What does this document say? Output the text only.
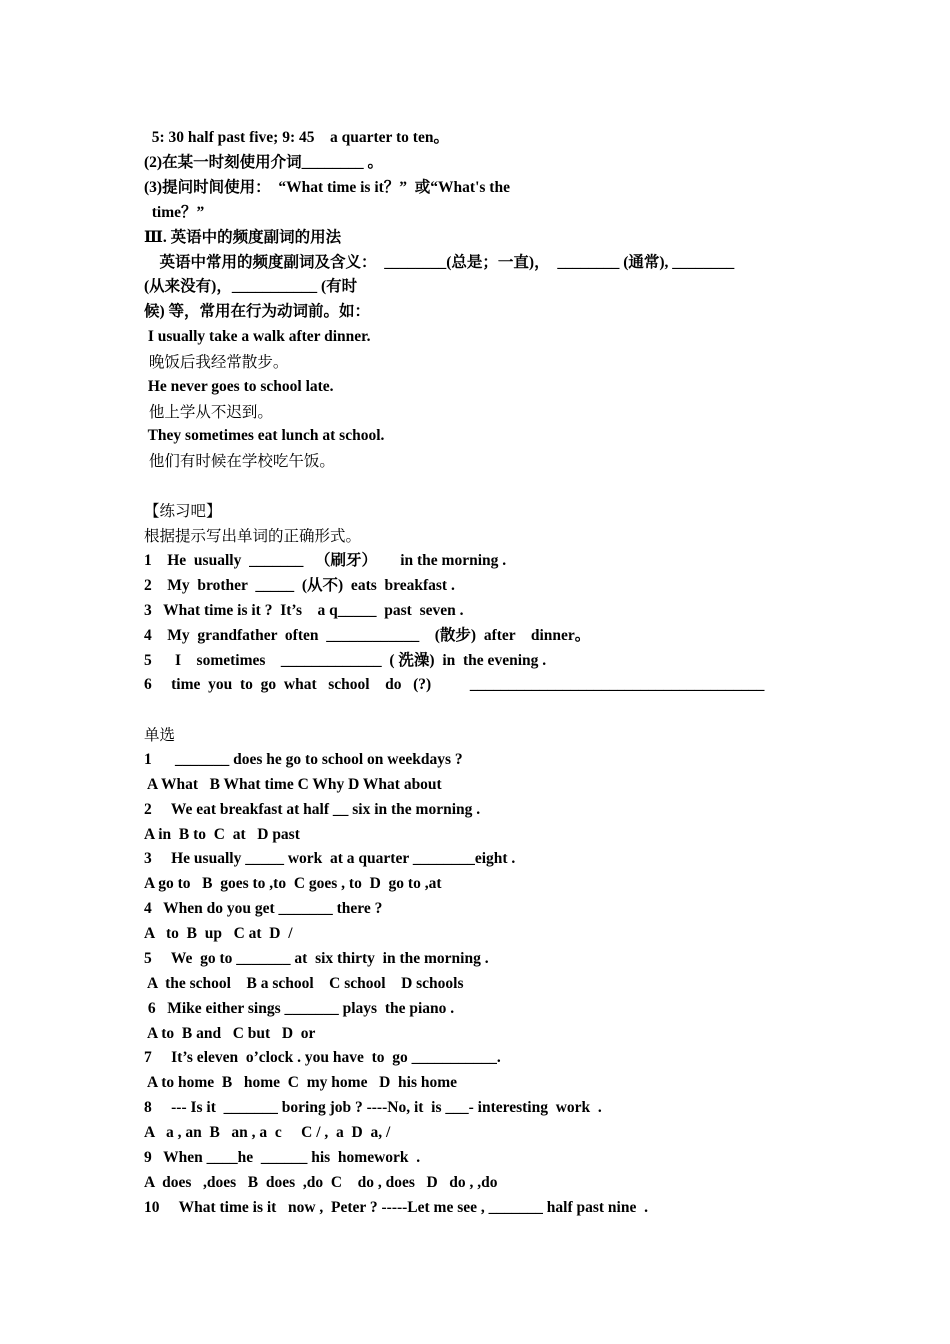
5: 30 half past five; 9: 45    a quarter to ten。
(2)在某一时刻使用介词________ 。
(3)提问时间使用：  “What time is it？”  或“What's the
time？”
Ⅲ. 英语中的频度副词的用法
英语中常用的频度副词及含义：  ________(总是；一直)，  ________ (通常), ________
(从来没有)，___________ (有时
候) 等，常用在行为动词前。如：
I usually take a walk after dinner.
晚饭后我经常散步。
He never goes to school late.
他上学从不迟到。
They sometimes eat lunch at school.
他们有时候在学校吃午饭。
【练习吧】
根据提示写出单词的正确形式。
1    He  usually  _______   （刷牙）      in the morning .
2    My  brother  _____  (从不)  eats  breakfast .
3   What time is it ?  It’s    a q_____  past  seven .
4    My  grandfather  often  ____________    (散步)  after    dinner。
5      I    sometimes    _____________  ( 洗澡)  in  the evening .
6     time  you  to  go  what   school    do   (?)          ______________________________________
单选
1      _______ does he go to school on weekdays ?
A What   B What time C Why D What about
2     We eat breakfast at half __ six in the morning .
A in  B to  C  at   D past
3     He usually _____ work  at a quarter ________eight .
A go to   B  goes to ,to  C goes , to  D  go to ,at
4   When do you get _______ there ?
A   to  B  up   C at  D  /
5     We  go to _______ at  six thirty  in the morning .
A  the school    B a school    C school    D schools
6   Mike either sings _______ plays  the piano .
A to  B and   C but   D  or
7     It’s eleven  o’clock . you have  to  go ___________.
A to home  B   home  C  my home   D  his home
8     --- Is it  _______ boring job ? ----No, it  is ___- interesting  work  .
A   a , an  B   an , a  c     C / ,  a  D  a, /
9   When ____he  ______ his  homework  .
A  does   ,does   B  does  ,do  C    do , does   D   do , ,do
10     What time is it   now ,  Peter ? -----Let me see , _______ half past nine  .
